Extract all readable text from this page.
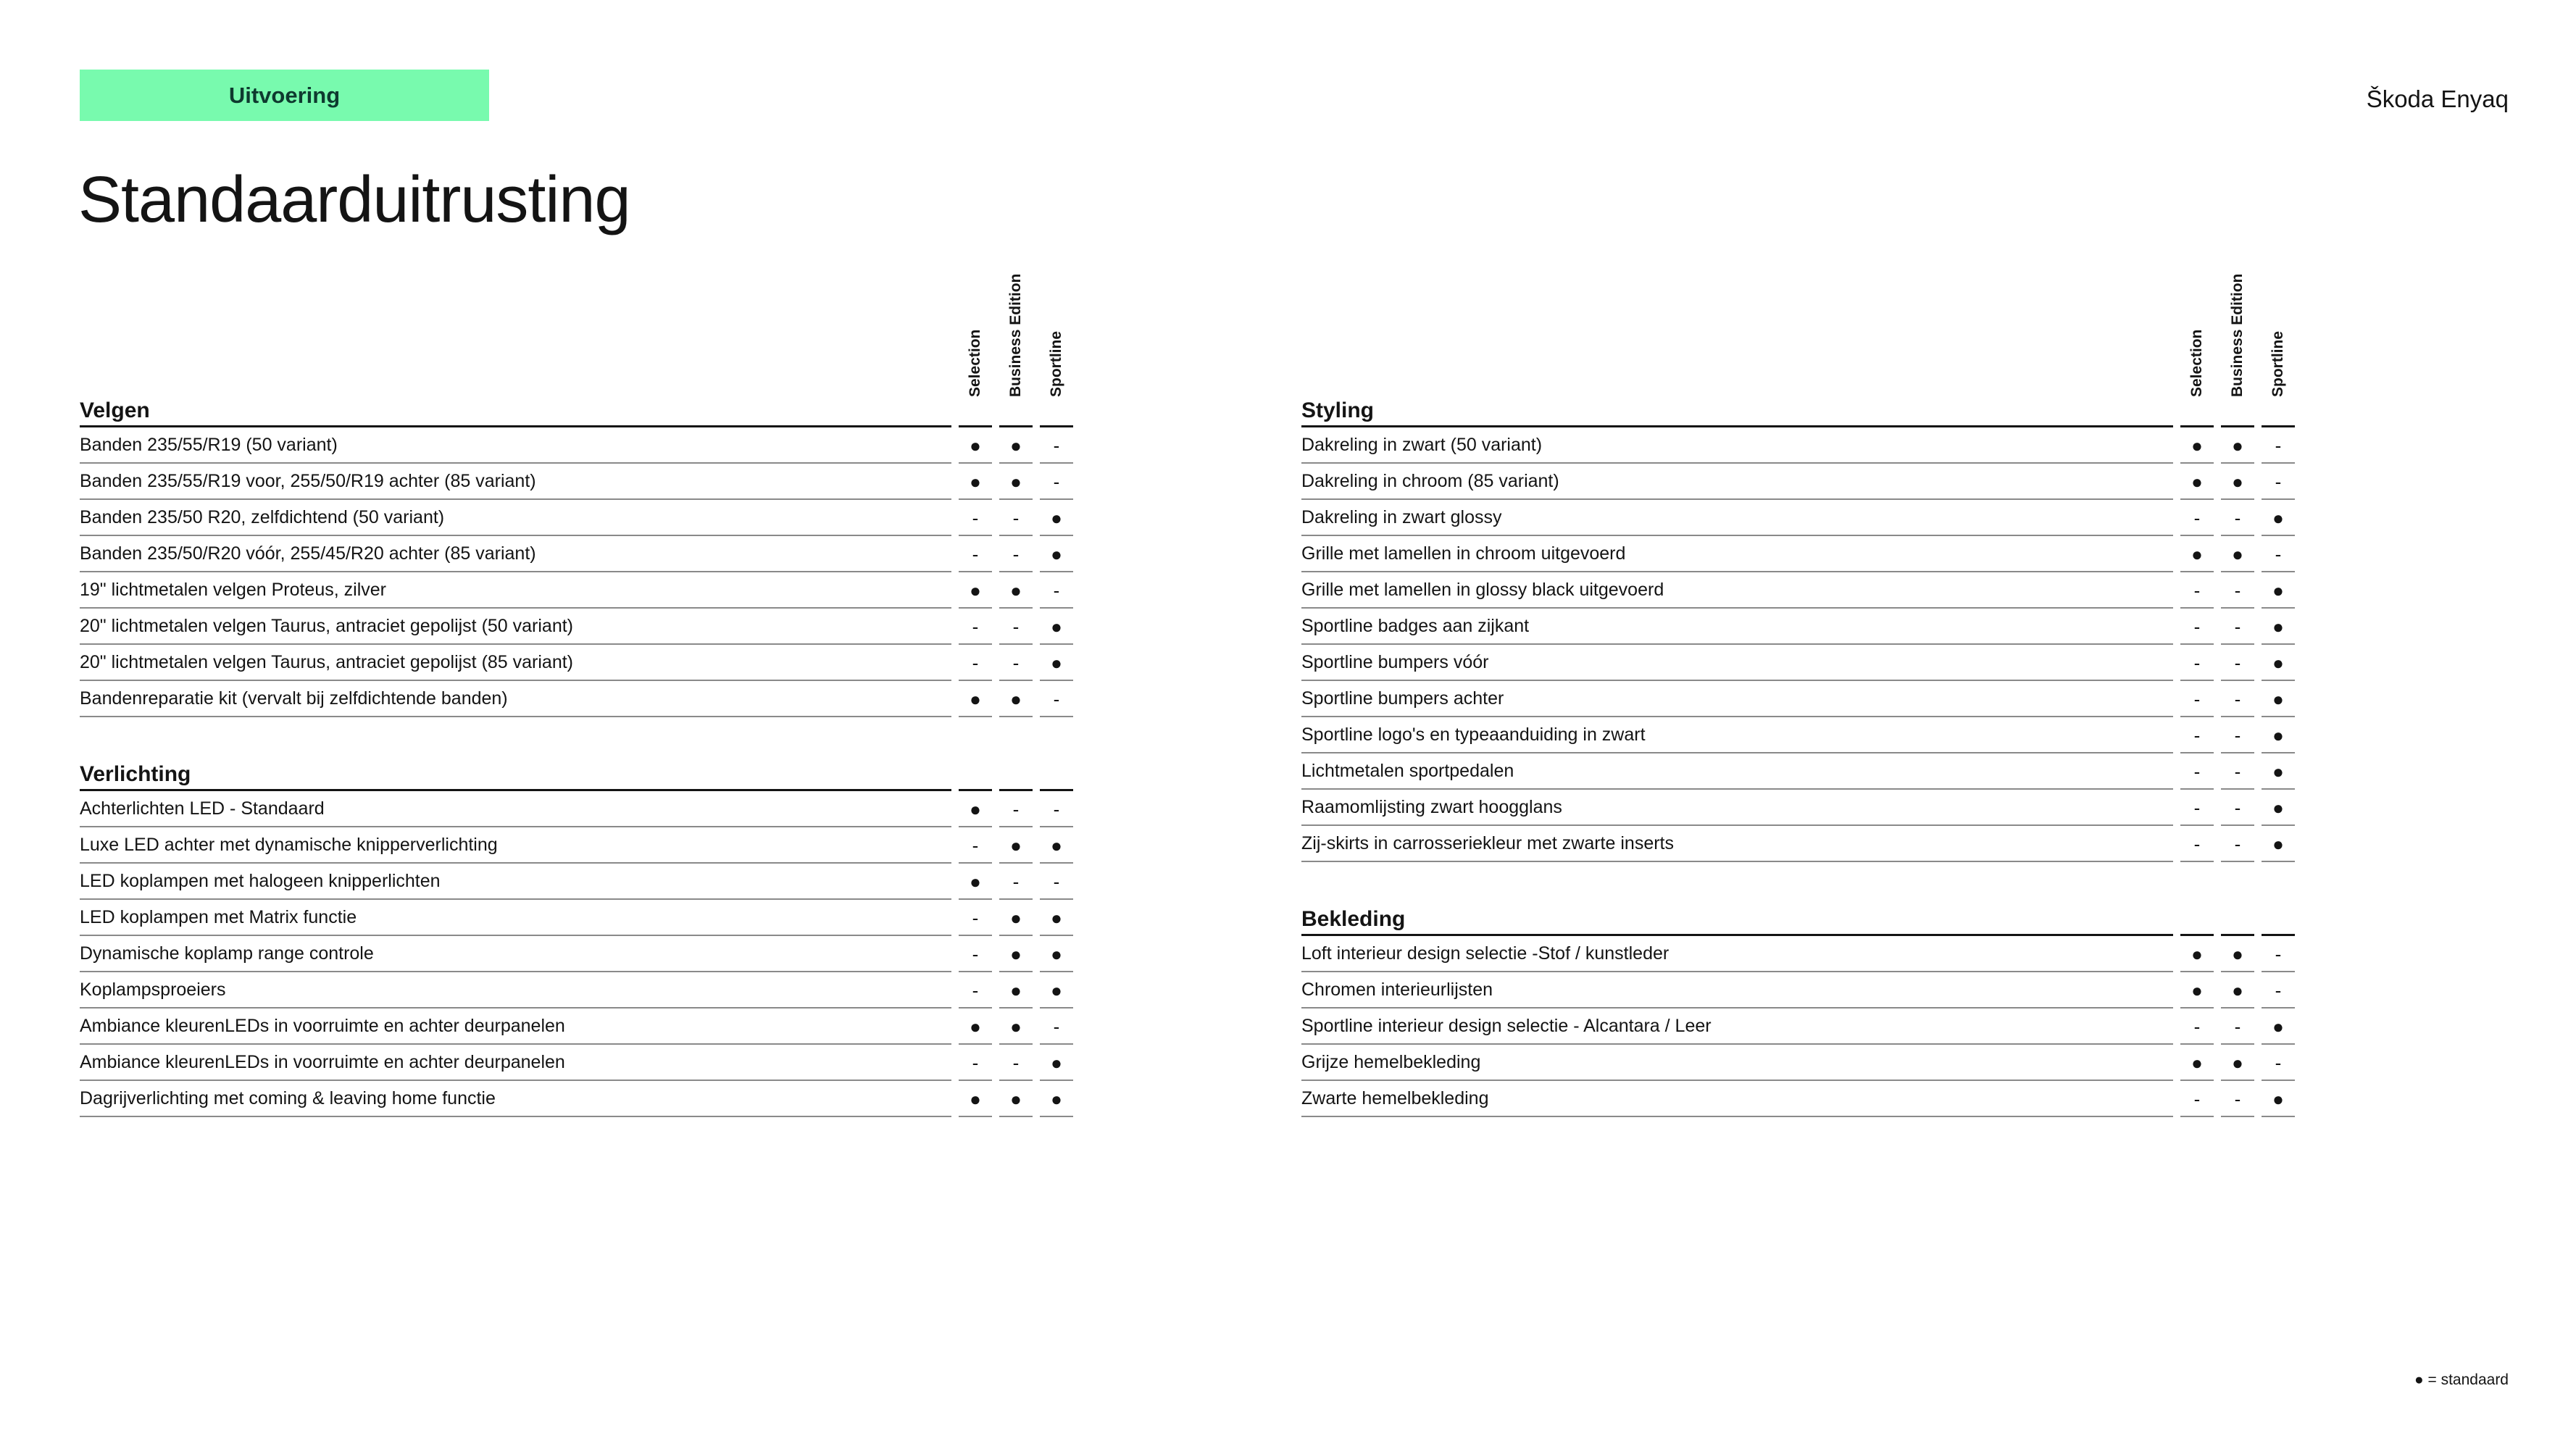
Uitvoering	Škoda Enyaq
Standaarduitrusting
Selection Business Edition Sportline
Velgen
Banden 235/55/R19 (50 variant)	●	●	-
Banden 235/55/R19 voor, 255/50/R19 achter (85 variant)	●	●	-
Banden 235/50 R20, zelfdichtend (50 variant)	-	-	●
Banden 235/50/R20 vóór, 255/45/R20 achter (85 variant)	-	-	●
19" lichtmetalen velgen Proteus, zilver	●	●	-
20" lichtmetalen velgen Taurus, antraciet gepolijst (50 variant)	-	-	●
20" lichtmetalen velgen Taurus, antraciet gepolijst (85 variant)	-	-	●
Bandenreparatie kit (vervalt bij zelfdichtende banden)	●	●	-
Verlichting
Achterlichten LED - Standaard	●	-	-
Luxe LED achter met dynamische knipperverlichting	-	●	●
LED koplampen met halogeen knipperlichten	●	-	-
LED koplampen met Matrix functie	-	●	●
Dynamische koplamp range controle	-	●	●
Koplampsproeiers	-	●	●
Ambiance kleurenLEDs in voorruimte en achter deurpanelen	●	●	-
Ambiance kleurenLEDs in voorruimte en achter deurpanelen	-	-	●
Dagrijverlichting met coming & leaving home functie	●	●	●
Selection Business Edition Sportline
Styling
Dakreling in zwart (50 variant)	●	●	-
Dakreling in chroom (85 variant)	●	●	-
Dakreling in zwart glossy	-	-	●
Grille met lamellen in chroom uitgevoerd	●	●	-
Grille met lamellen in glossy black uitgevoerd	-	-	●
Sportline badges aan zijkant	-	-	●
Sportline bumpers vóór	-	-	●
Sportline bumpers achter	-	-	●
Sportline logo's en typeaanduiding in zwart	-	-	●
Lichtmetalen sportpedalen	-	-	●
Raamomlijsting zwart hoogglans	-	-	●
Zij-skirts in carrosseriekleur met zwarte inserts	-	-	●
Bekleding
Loft interieur design selectie -Stof / kunstleder	●	●	-
Chromen interieurlijsten	●	●	-
Sportline interieur design selectie - Alcantara / Leer	-	-	●
Grijze hemelbekleding	●	●	-
Zwarte hemelbekleding	-	-	●
● = standaard
